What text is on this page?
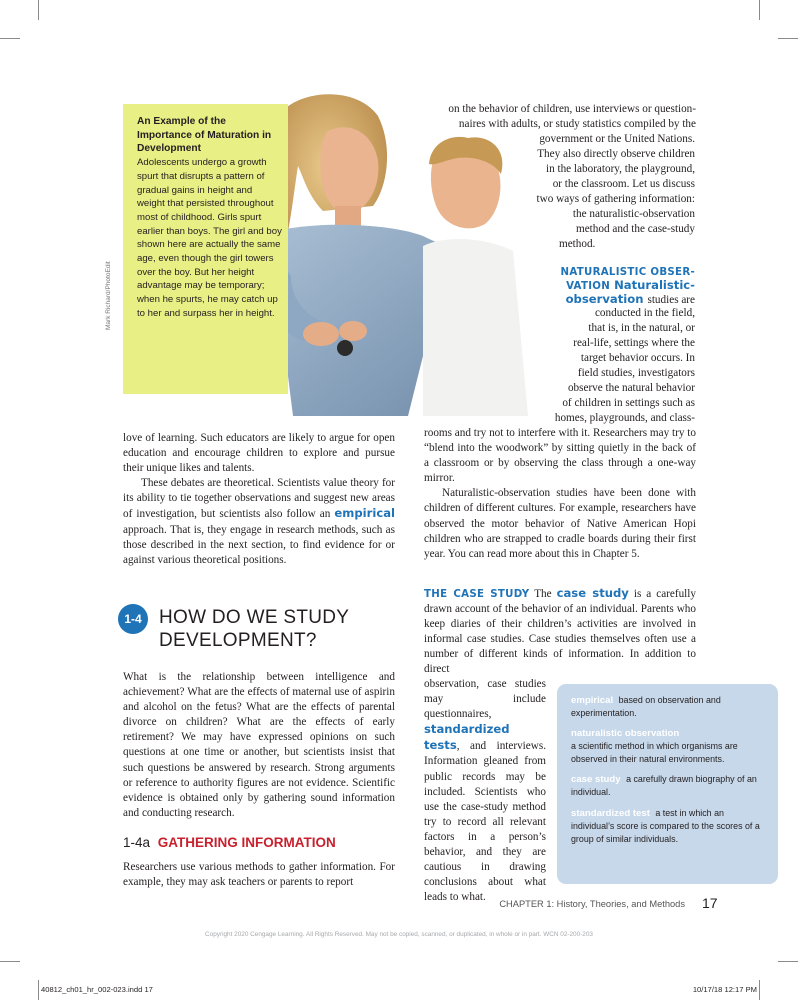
An Example of the Importance of Maturation in Development
Adolescents undergo a growth spurt that disrupts a pattern of gradual gains in height and weight that persisted throughout most of childhood. Girls spurt earlier than boys. The girl and boy shown here are actually the same age, even though the girl towers over the boy. But her height advantage may be temporary; when he spurts, he may catch up to her and surpass her in height.
Mark Richard/PhotoEdit
on the behavior of children, use interviews or question-
naires with adults, or study statistics compiled by the
government or the United Nations.
They also directly observe children
in the laboratory, the playground,
or the classroom. Let us discuss
two ways of gathering information:
the naturalistic-observation
method and the case-study
method.
NATURALISTIC OBSER-
VATION Naturalistic-
observation studies are
conducted in the field,
that is, in the natural, or
real-life, settings where the
target behavior occurs. In
field studies, investigators
observe the natural behavior
of children in settings such as
homes, playgrounds, and class-

rooms and try not to interfere with it. Researchers may try to “blend into the woodwork” by sitting quietly in the back of a classroom or by observing the class through a one-way mirror.

Naturalistic-observation studies have been done with children of different cultures. For example, researchers have observed the motor behavior of Native American Hopi children who are strapped to cradle boards during their first year. You can read more about this in Chapter 5.

THE CASE STUDY The case study is a carefully drawn account of the behavior of an individual. Parents who keep diaries of their children’s activities are involved in informal case studies. Case studies themselves often use a number of different kinds of information. In addition to direct
observation, case studies may include questionnaires, standardized tests, and interviews. Information gleaned from public records may be included. Scientists who use the case-study method try to record all relevant factors in a person’s behavior, and they are cautious in drawing conclusions about what leads to what.

love of learning. Such educators are likely to argue for open education and encourage children to explore and pursue their unique likes and talents.

These debates are theoretical. Scientists value theory for its ability to tie together observations and suggest new areas of investigation, but scientists also follow an empirical approach. That is, they engage in research methods, such as those described in the next section, to find evidence for or against various theoretical positions.

1-4 HOW DO WE STUDY DEVELOPMENT?

What is the relationship between intelligence and achievement? What are the effects of maternal use of aspirin and alcohol on the fetus? What are the effects of parental divorce on children? What are the effects of early retirement? We may have expressed opinions on such questions at one time or another, but scientists insist that such questions be answered by research. Strong arguments or reference to authority figures are not evidence. Scientific evidence is obtained only by gathering sound information and conducting research.

1-4a GATHERING INFORMATION

Researchers use various methods to gather information. For example, they may ask teachers or parents to report

empirical based on observation and experimentation.
naturalistic observation
a scientific method in which organisms are observed in their natural environments.
case study a carefully drawn biography of an individual.
standardized test a test in which an individual’s score is compared to the scores of a group of similar individuals.
CHAPTER 1: History, Theories, and Methods 17
Copyright 2020 Cengage Learning. All Rights Reserved. May not be copied, scanned, or duplicated, in whole or in part. WCN 02-200-203
40812_ch01_hr_002-023.indd 17	10/17/18 12:17 PM
